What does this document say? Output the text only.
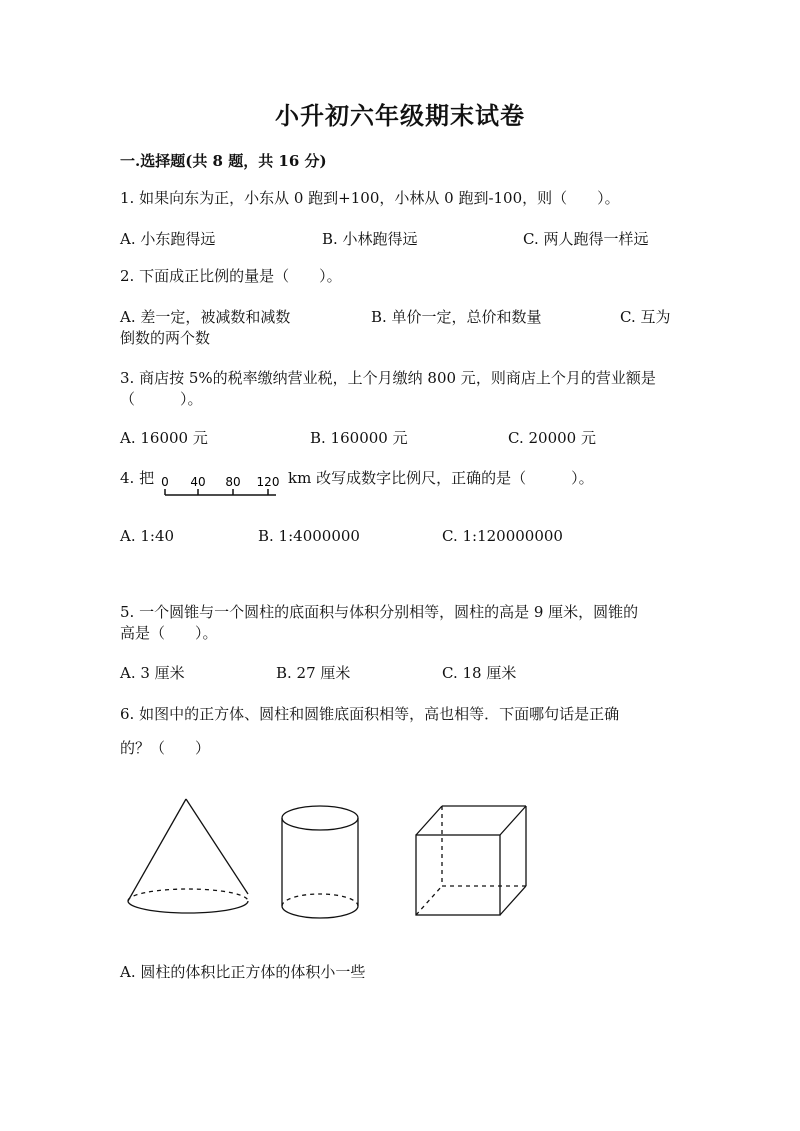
小升初六年级期末试卷
一.选择题(共 8 题，共 16 分)
1. 如果向东为正，小东从 0 跑到+100，小林从 0 跑到-100，则（　　）。
A. 小东跑得远	B. 小林跑得远	C. 两人跑得一样远
2. 下面成正比例的量是（　　）。
A. 差一定，被减数和减数	B. 单价一定，总价和数量	C. 互为
倒数的两个数
3. 商店按 5%的税率缴纳营业税，上个月缴纳 800 元，则商店上个月的营业额是
（　　　）。
A. 16000 元	B. 160000 元	C. 20000 元
4. 把 0 40 80 120 km 改写成数字比例尺，正确的是（　　　）。
A. 1:40	B. 1:4000000	C. 1:120000000
5. 一个圆锥与一个圆柱的底面积与体积分别相等，圆柱的高是 9 厘米，圆锥的
高是（　　）。
A. 3 厘米	B. 27 厘米	C. 18 厘米
6. 如图中的正方体、圆柱和圆锥底面积相等，高也相等．下面哪句话是正确
的？（　　）
A. 圆柱的体积比正方体的体积小一些
